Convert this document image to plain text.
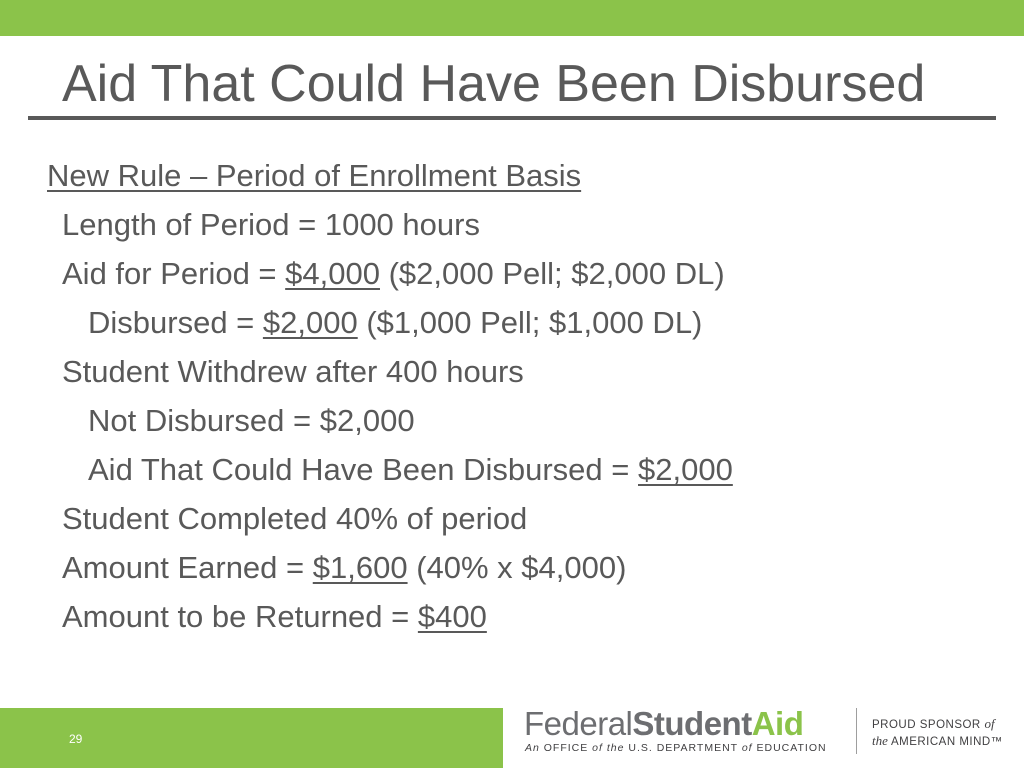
Aid That Could Have Been Disbursed
New Rule – Period of Enrollment Basis
Length of Period = 1000 hours
Aid for Period = $4,000 ($2,000 Pell; $2,000 DL)
Disbursed = $2,000 ($1,000 Pell; $1,000 DL)
Student Withdrew after 400 hours
Not Disbursed = $2,000
Aid That Could Have Been Disbursed = $2,000
Student Completed 40% of period
Amount Earned = $1,600 (40% x $4,000)
Amount to be Returned = $400
29	FederalStudentAid
An OFFICE of the U.S. DEPARTMENT of EDUCATION
PROUD SPONSOR of
the AMERICAN MIND™
